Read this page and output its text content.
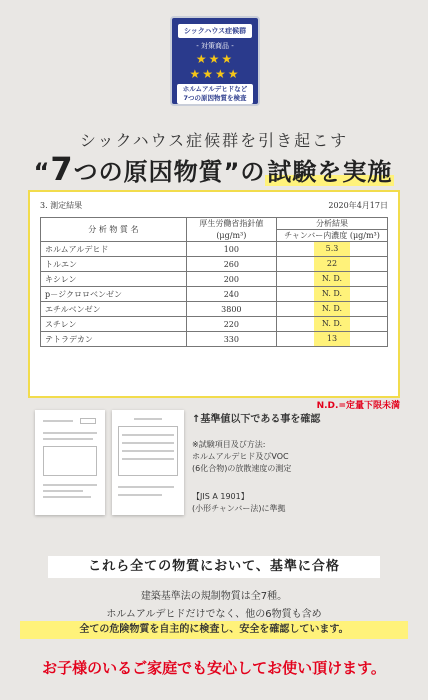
シックハウス症候群
- 対策商品 -
★★★
★★★★
ホルムアルデヒドなど
7つの原因物質を検査
シックハウス症候群を引き起こす
“7つの原因物質”の試験を実施
3. 測定結果	2020年4月17日
分 析 物 質 名	厚生労働省指針値	分析結果
	(μg/m³)	チャンバー内濃度 (μg/m³)
ホルムアルデヒド	100	5.3

トルエン	260	22

キシレン	200	N. D.

p－ジクロロベンゼン	240	N. D.

エチルベンゼン	3800	N. D.

スチレン	220	N. D.

テトラデカン	330	13
N.D.=定量下限未満
↑基準値以下である事を確認
※試験項目及び方法:
ホルムアルデヒド及びVOC
(6化合物)の放散速度の測定
【JIS A 1901】
(小形チャンバー法)に準拠
これら全ての物質において、基準に合格
建築基準法の規制物質は全7種。
ホルムアルデヒドだけでなく、他の6物質も含め
全ての危険物質を自主的に検査し、安全を確認しています。
お子様のいるご家庭でも安心してお使い頂けます。
